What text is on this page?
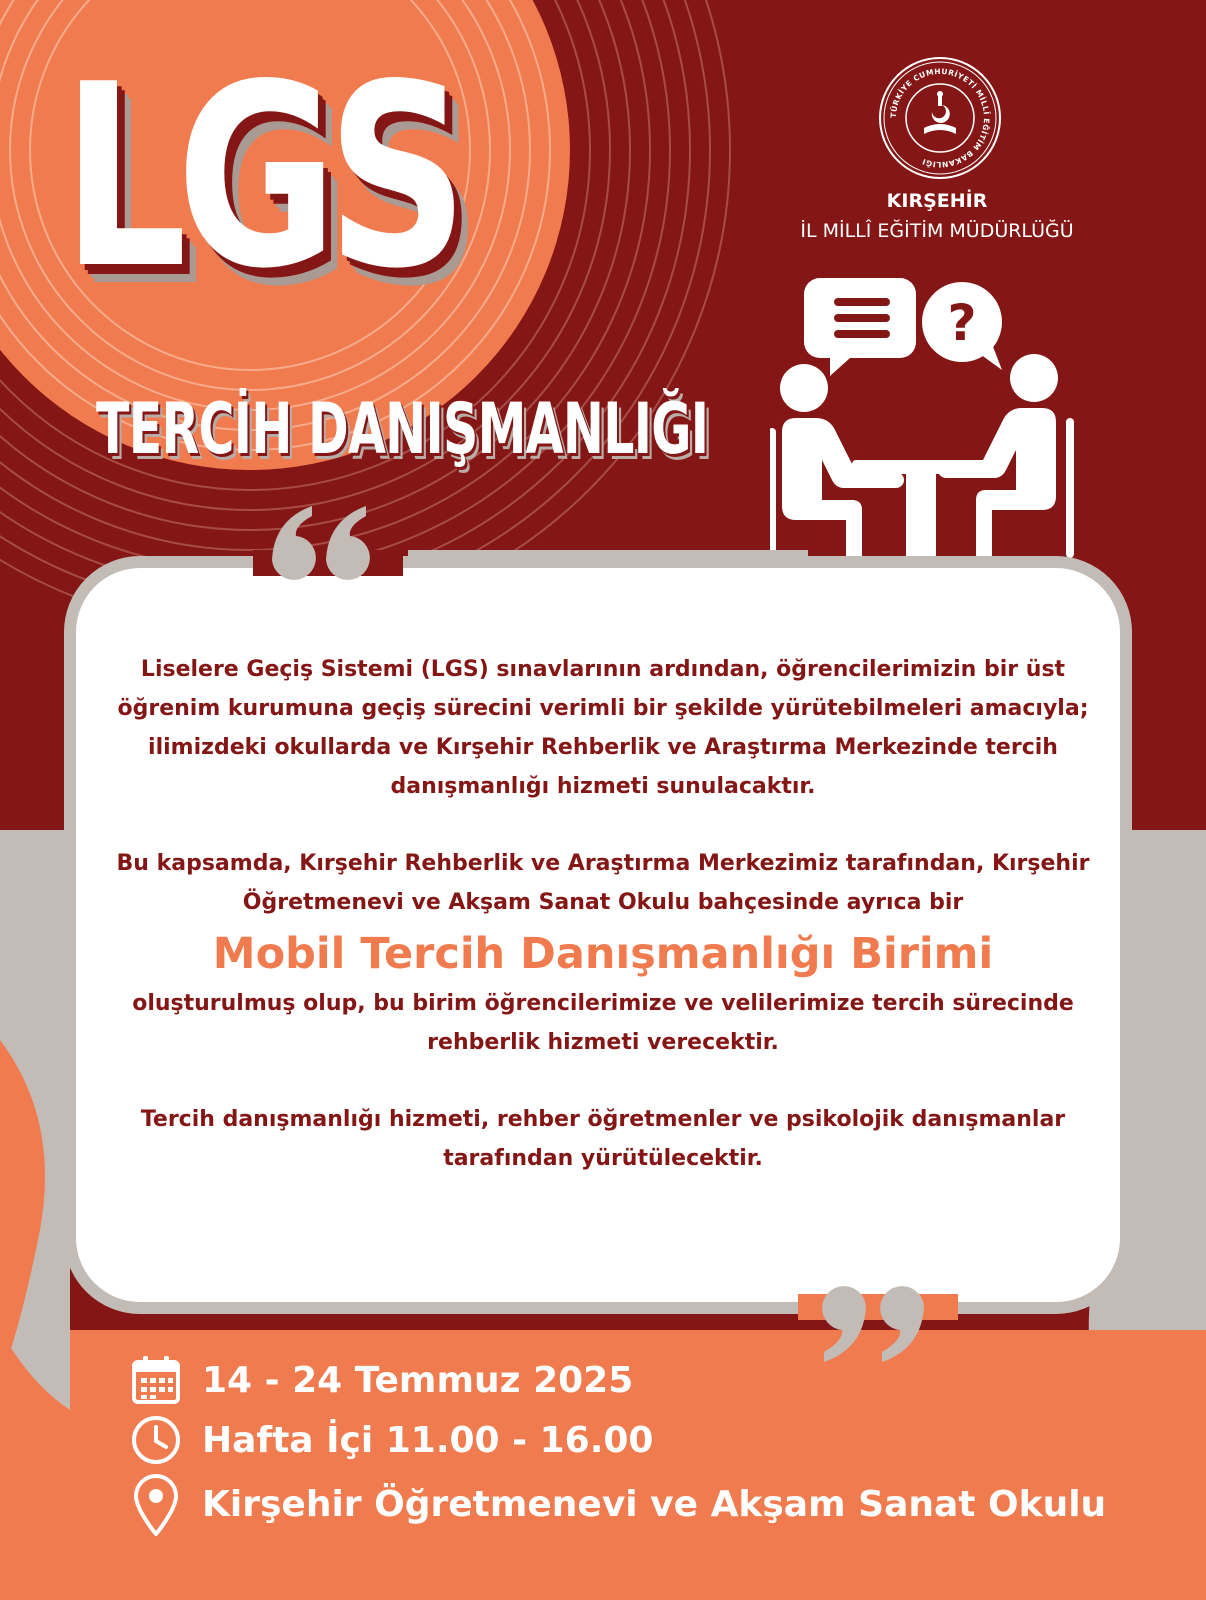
LGS
TERCİH DANIŞMANLIĞI
TÜRKİYE CUMHURİYETİ MİLLÎ EĞİTİM BAKANLIĞI

KIRŞEHİR

İL MİLLÎ EĞİTİM MÜDÜRLÜĞÜ

?

Liselere Geçiş Sistemi (LGS) sınavlarının ardından, öğrencilerimizin bir üst öğrenim kurumuna geçiş sürecini verimli bir şekilde yürütebilmeleri amacıyla; ilimizdeki okullarda ve Kırşehir Rehberlik ve Araştırma Merkezinde tercih danışmanlığı hizmeti sunulacaktır.

Bu kapsamda, Kırşehir Rehberlik ve Araştırma Merkezimiz tarafından, Kırşehir Öğretmenevi ve Akşam Sanat Okulu bahçesinde ayrıca bir

Mobil Tercih Danışmanlığı Birimi

oluşturulmuş olup, bu birim öğrencilerimize ve velilerimize tercih sürecinde rehberlik hizmeti verecektir.

Tercih danışmanlığı hizmeti, rehber öğretmenler ve psikolojik danışmanlar tarafından yürütülecektir.

14 - 24 Temmuz 2025
Hafta İçi 11.00 - 16.00
Kirşehir Öğretmenevi ve Akşam Sanat Okulu
